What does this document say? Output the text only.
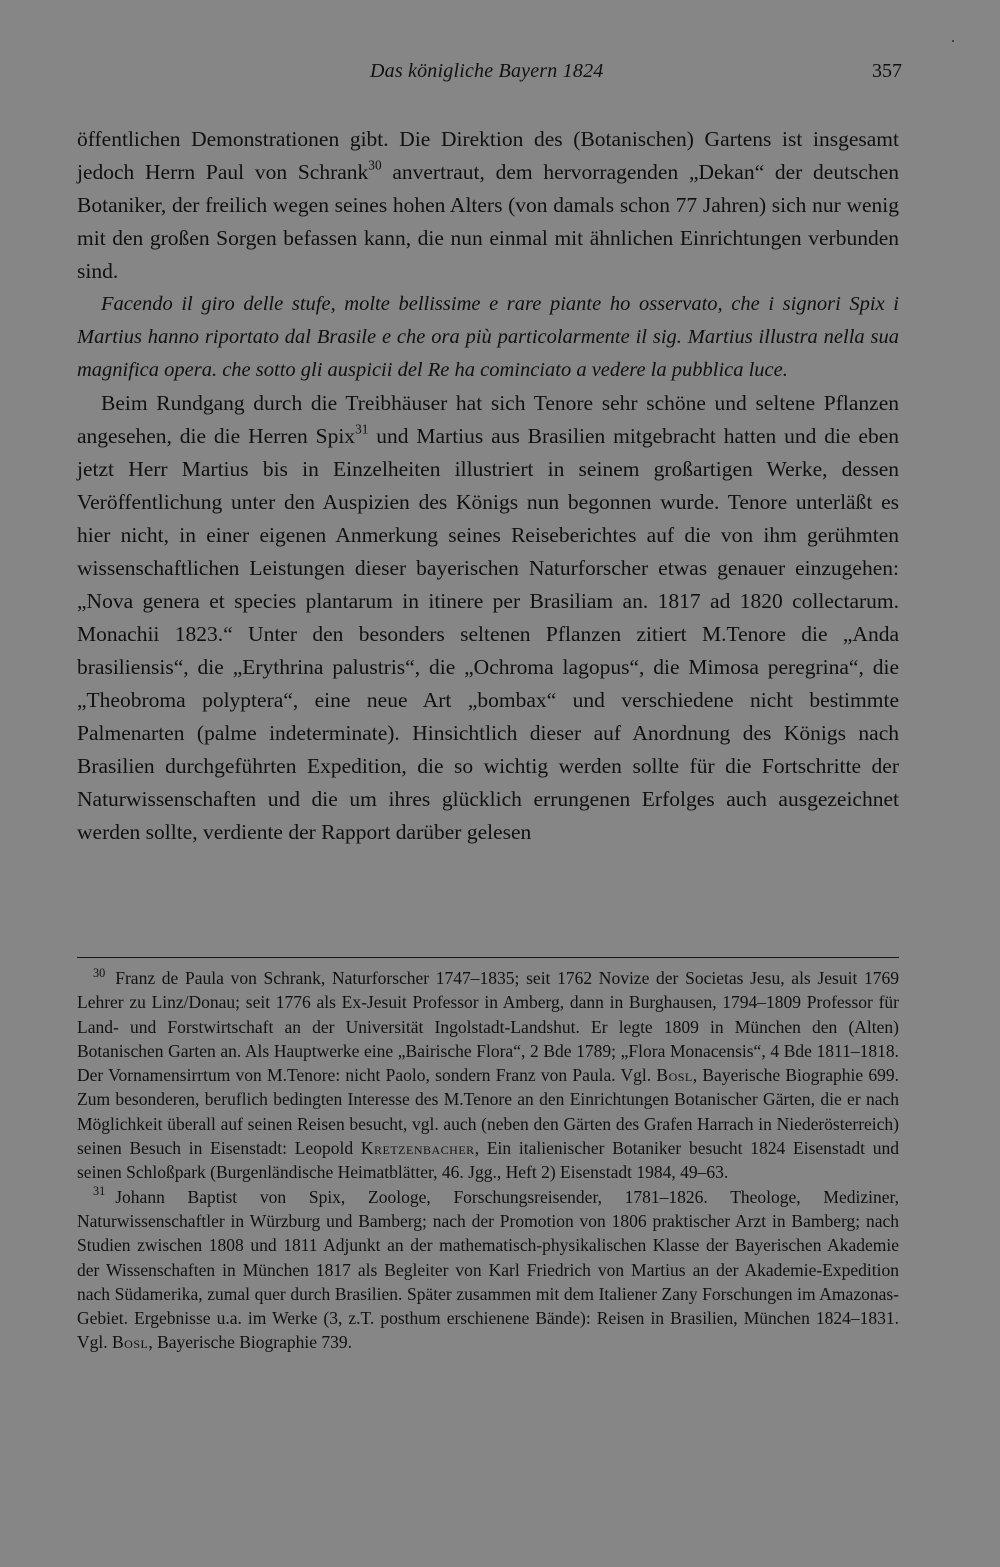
Das königliche Bayern 1824	357

öffentlichen Demonstrationen gibt. Die Direktion des (Botanischen) Gartens ist insgesamt jedoch Herrn Paul von Schrank$^{30}$ anvertraut, dem hervorragenden „Dekan“ der deutschen Botaniker, der freilich wegen seines hohen Alters (von damals schon 77 Jahren) sich nur wenig mit den großen Sorgen befassen kann, die nun einmal mit ähnlichen Einrichtungen verbunden sind.

Facendo il giro delle stufe, molte bellissime e rare piante ho osservato, che i signori Spix i Martius hanno riportato dal Brasile e che ora più particolarmente il sig. Martius illustra nella sua magnifica opera. che sotto gli auspicii del Re ha cominciato a vedere la pubblica luce.

Beim Rundgang durch die Treibhäuser hat sich Tenore sehr schöne und seltene Pflanzen angesehen, die die Herren Spix$^{31}$ und Martius aus Brasilien mitgebracht hatten und die eben jetzt Herr Martius bis in Einzelheiten illustriert in seinem großartigen Werke, dessen Veröffentlichung unter den Auspizien des Königs nun begonnen wurde. Tenore unterläßt es hier nicht, in einer eigenen Anmerkung seines Reiseberichtes auf die von ihm gerühmten wissenschaftlichen Leistungen dieser bayerischen Naturforscher etwas genauer einzugehen: „Nova genera et species plantarum in itinere per Brasiliam an. 1817 ad 1820 collectarum. Monachii 1823.“ Unter den besonders seltenen Pflanzen zitiert M.Tenore die „Anda brasiliensis“, die „Erythrina palustris“, die „Ochroma lagopus“, die Mimosa peregrina“, die „Theobroma polyptera“, eine neue Art „bombax“ und verschiedene nicht bestimmte Palmenarten (palme indeterminate). Hinsichtlich dieser auf Anordnung des Königs nach Brasilien durchgeführten Expedition, die so wichtig werden sollte für die Fortschritte der Naturwissenschaften und die um ihres glücklich errungenen Erfolges auch ausgezeichnet werden sollte, verdiente der Rapport darüber gelesen

$^{30}$ Franz de Paula von Schrank, Naturforscher 1747–1835; seit 1762 Novize der Societas Jesu, als Jesuit 1769 Lehrer zu Linz/Donau; seit 1776 als Ex-Jesuit Professor in Amberg, dann in Burghausen, 1794–1809 Professor für Land- und Forstwirtschaft an der Universität Ingolstadt-Landshut. Er legte 1809 in München den (Alten) Botanischen Garten an. Als Hauptwerke eine „Bairische Flora“, 2 Bde 1789; „Flora Monacensis“, 4 Bde 1811–1818. Der Vornamensirrtum von M.Tenore: nicht Paolo, sondern Franz von Paula. Vgl. Bosl, Bayerische Biographie 699. Zum besonderen, beruflich bedingten Interesse des M.Tenore an den Einrichtungen Botanischer Gärten, die er nach Möglichkeit überall auf seinen Reisen besucht, vgl. auch (neben den Gärten des Grafen Harrach in Niederösterreich) seinen Besuch in Eisenstadt: Leopold Kretzenbacher, Ein italienischer Botaniker besucht 1824 Eisenstadt und seinen Schloßpark (Burgenländische Heimatblätter, 46. Jgg., Heft 2) Eisenstadt 1984, 49–63.

$^{31}$ Johann Baptist von Spix, Zoologe, Forschungsreisender, 1781–1826. Theologe, Mediziner, Naturwissenschaftler in Würzburg und Bamberg; nach der Promotion von 1806 praktischer Arzt in Bamberg; nach Studien zwischen 1808 und 1811 Adjunkt an der mathematisch-physikalischen Klasse der Bayerischen Akademie der Wissenschaften in München 1817 als Begleiter von Karl Friedrich von Martius an der Akademie-Expedition nach Südamerika, zumal quer durch Brasilien. Später zusammen mit dem Italiener Zany Forschungen im Amazonas-Gebiet. Ergebnisse u.a. im Werke (3, z.T. posthum erschienene Bände): Reisen in Brasilien, München 1824–1831. Vgl. Bosl, Bayerische Biographie 739.
